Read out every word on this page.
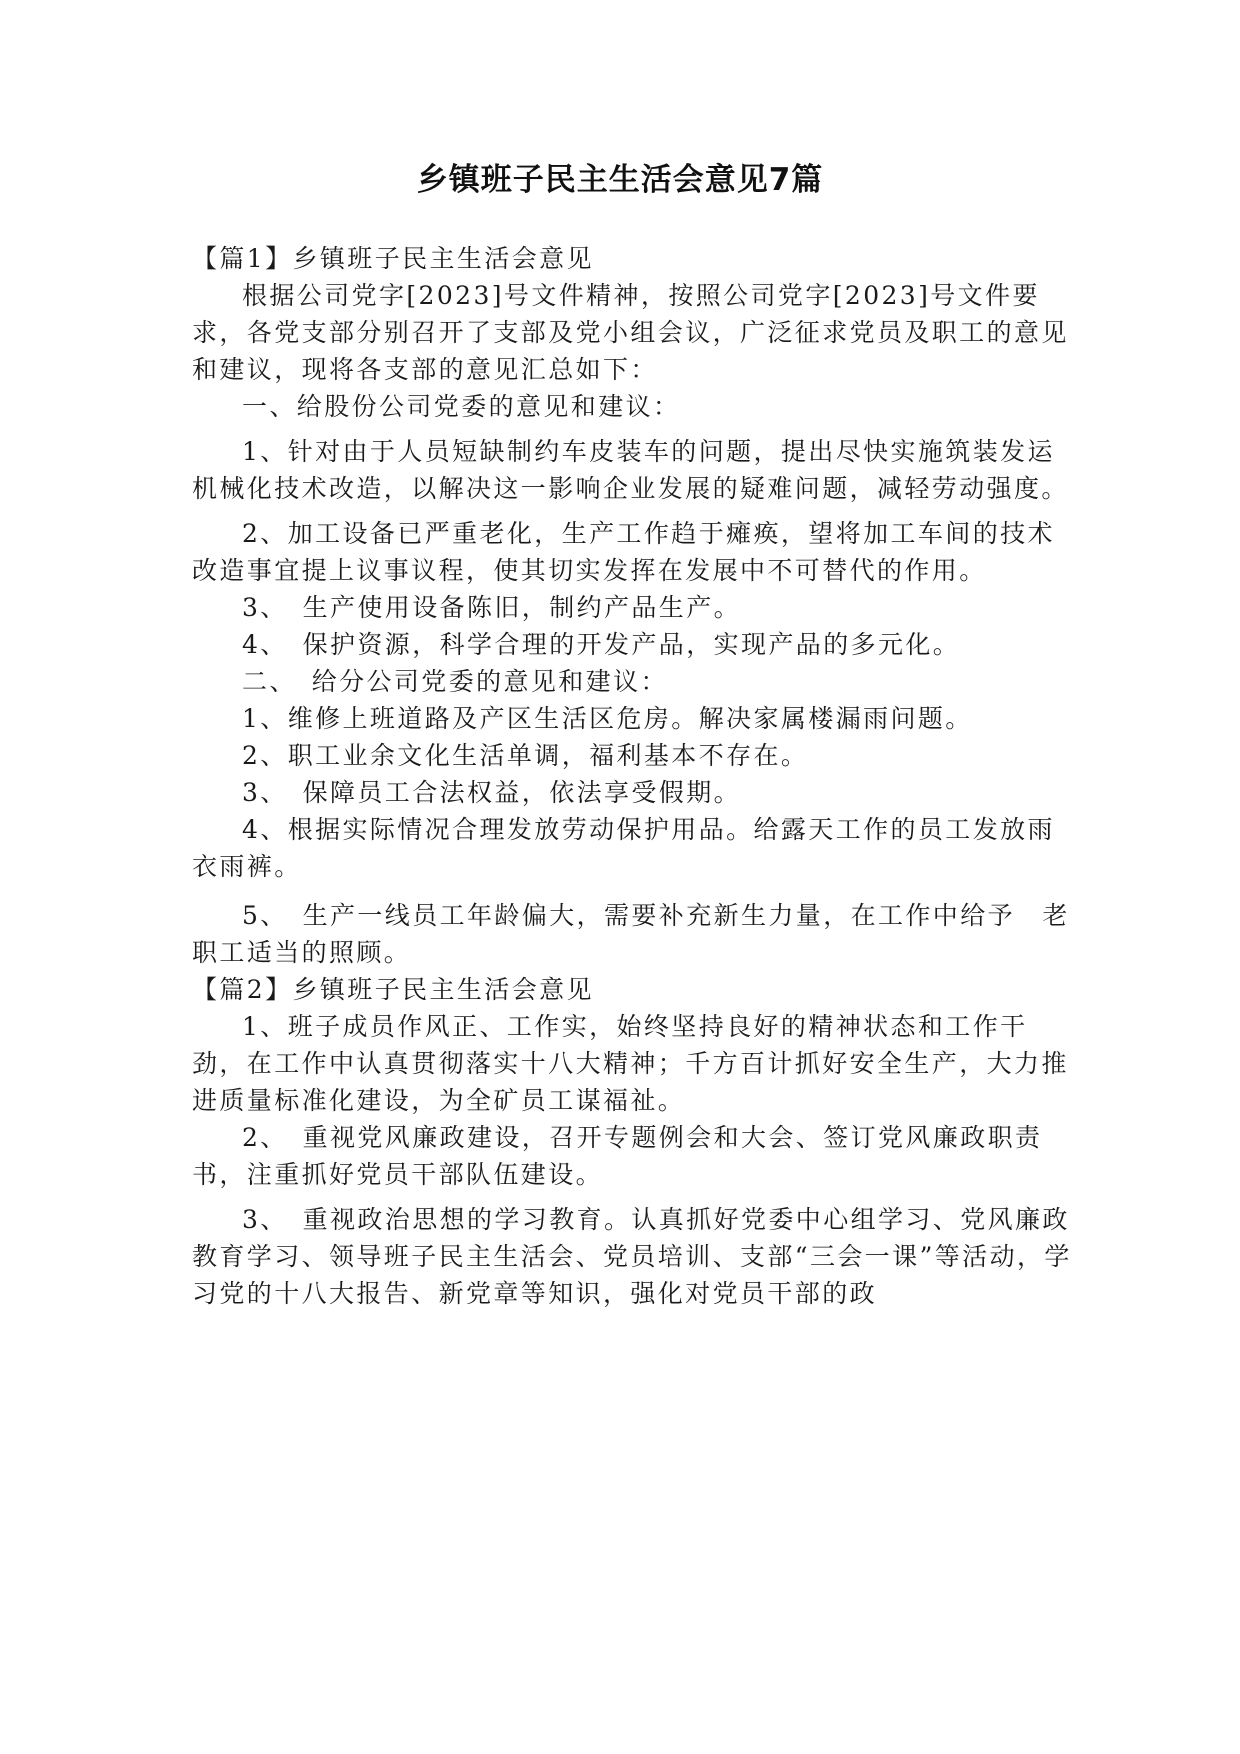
乡镇班子民主生活会意见7篇

【篇1】乡镇班子民主生活会意见

根据公司党字[2023]号文件精神，按照公司党字[2023]号文件要求，各党支部分别召开了支部及党小组会议，广泛征求党员及职工的意见和建议，现将各支部的意见汇总如下：

一、给股份公司党委的意见和建议：

1、针对由于人员短缺制约车皮装车的问题，提出尽快实施筑装发运机械化技术改造，以解决这一影响企业发展的疑难问题，减轻劳动强度。

2、加工设备已严重老化，生产工作趋于瘫痪，望将加工车间的技术改造事宜提上议事议程，使其切实发挥在发展中不可替代的作用。

3、　生产使用设备陈旧，制约产品生产。

4、　保护资源，科学合理的开发产品，实现产品的多元化。

二、　给分公司党委的意见和建议：

1、维修上班道路及产区生活区危房。解决家属楼漏雨问题。

2、职工业余文化生活单调，福利基本不存在。

3、　保障员工合法权益，依法享受假期。

4、根据实际情况合理发放劳动保护用品。给露天工作的员工发放雨衣雨裤。

5、　生产一线员工年龄偏大，需要补充新生力量，在工作中给予　老职工适当的照顾。

【篇2】乡镇班子民主生活会意见

1、班子成员作风正、工作实，始终坚持良好的精神状态和工作干劲，在工作中认真贯彻落实十八大精神；千方百计抓好安全生产，大力推进质量标准化建设，为全矿员工谋福祉。

2、　重视党风廉政建设，召开专题例会和大会、签订党风廉政职责书，注重抓好党员干部队伍建设。

3、　重视政治思想的学习教育。认真抓好党委中心组学习、党风廉政教育学习、领导班子民主生活会、党员培训、支部“三会一课”等活动，学习党的十八大报告、新党章等知识，强化对党员干部的政
